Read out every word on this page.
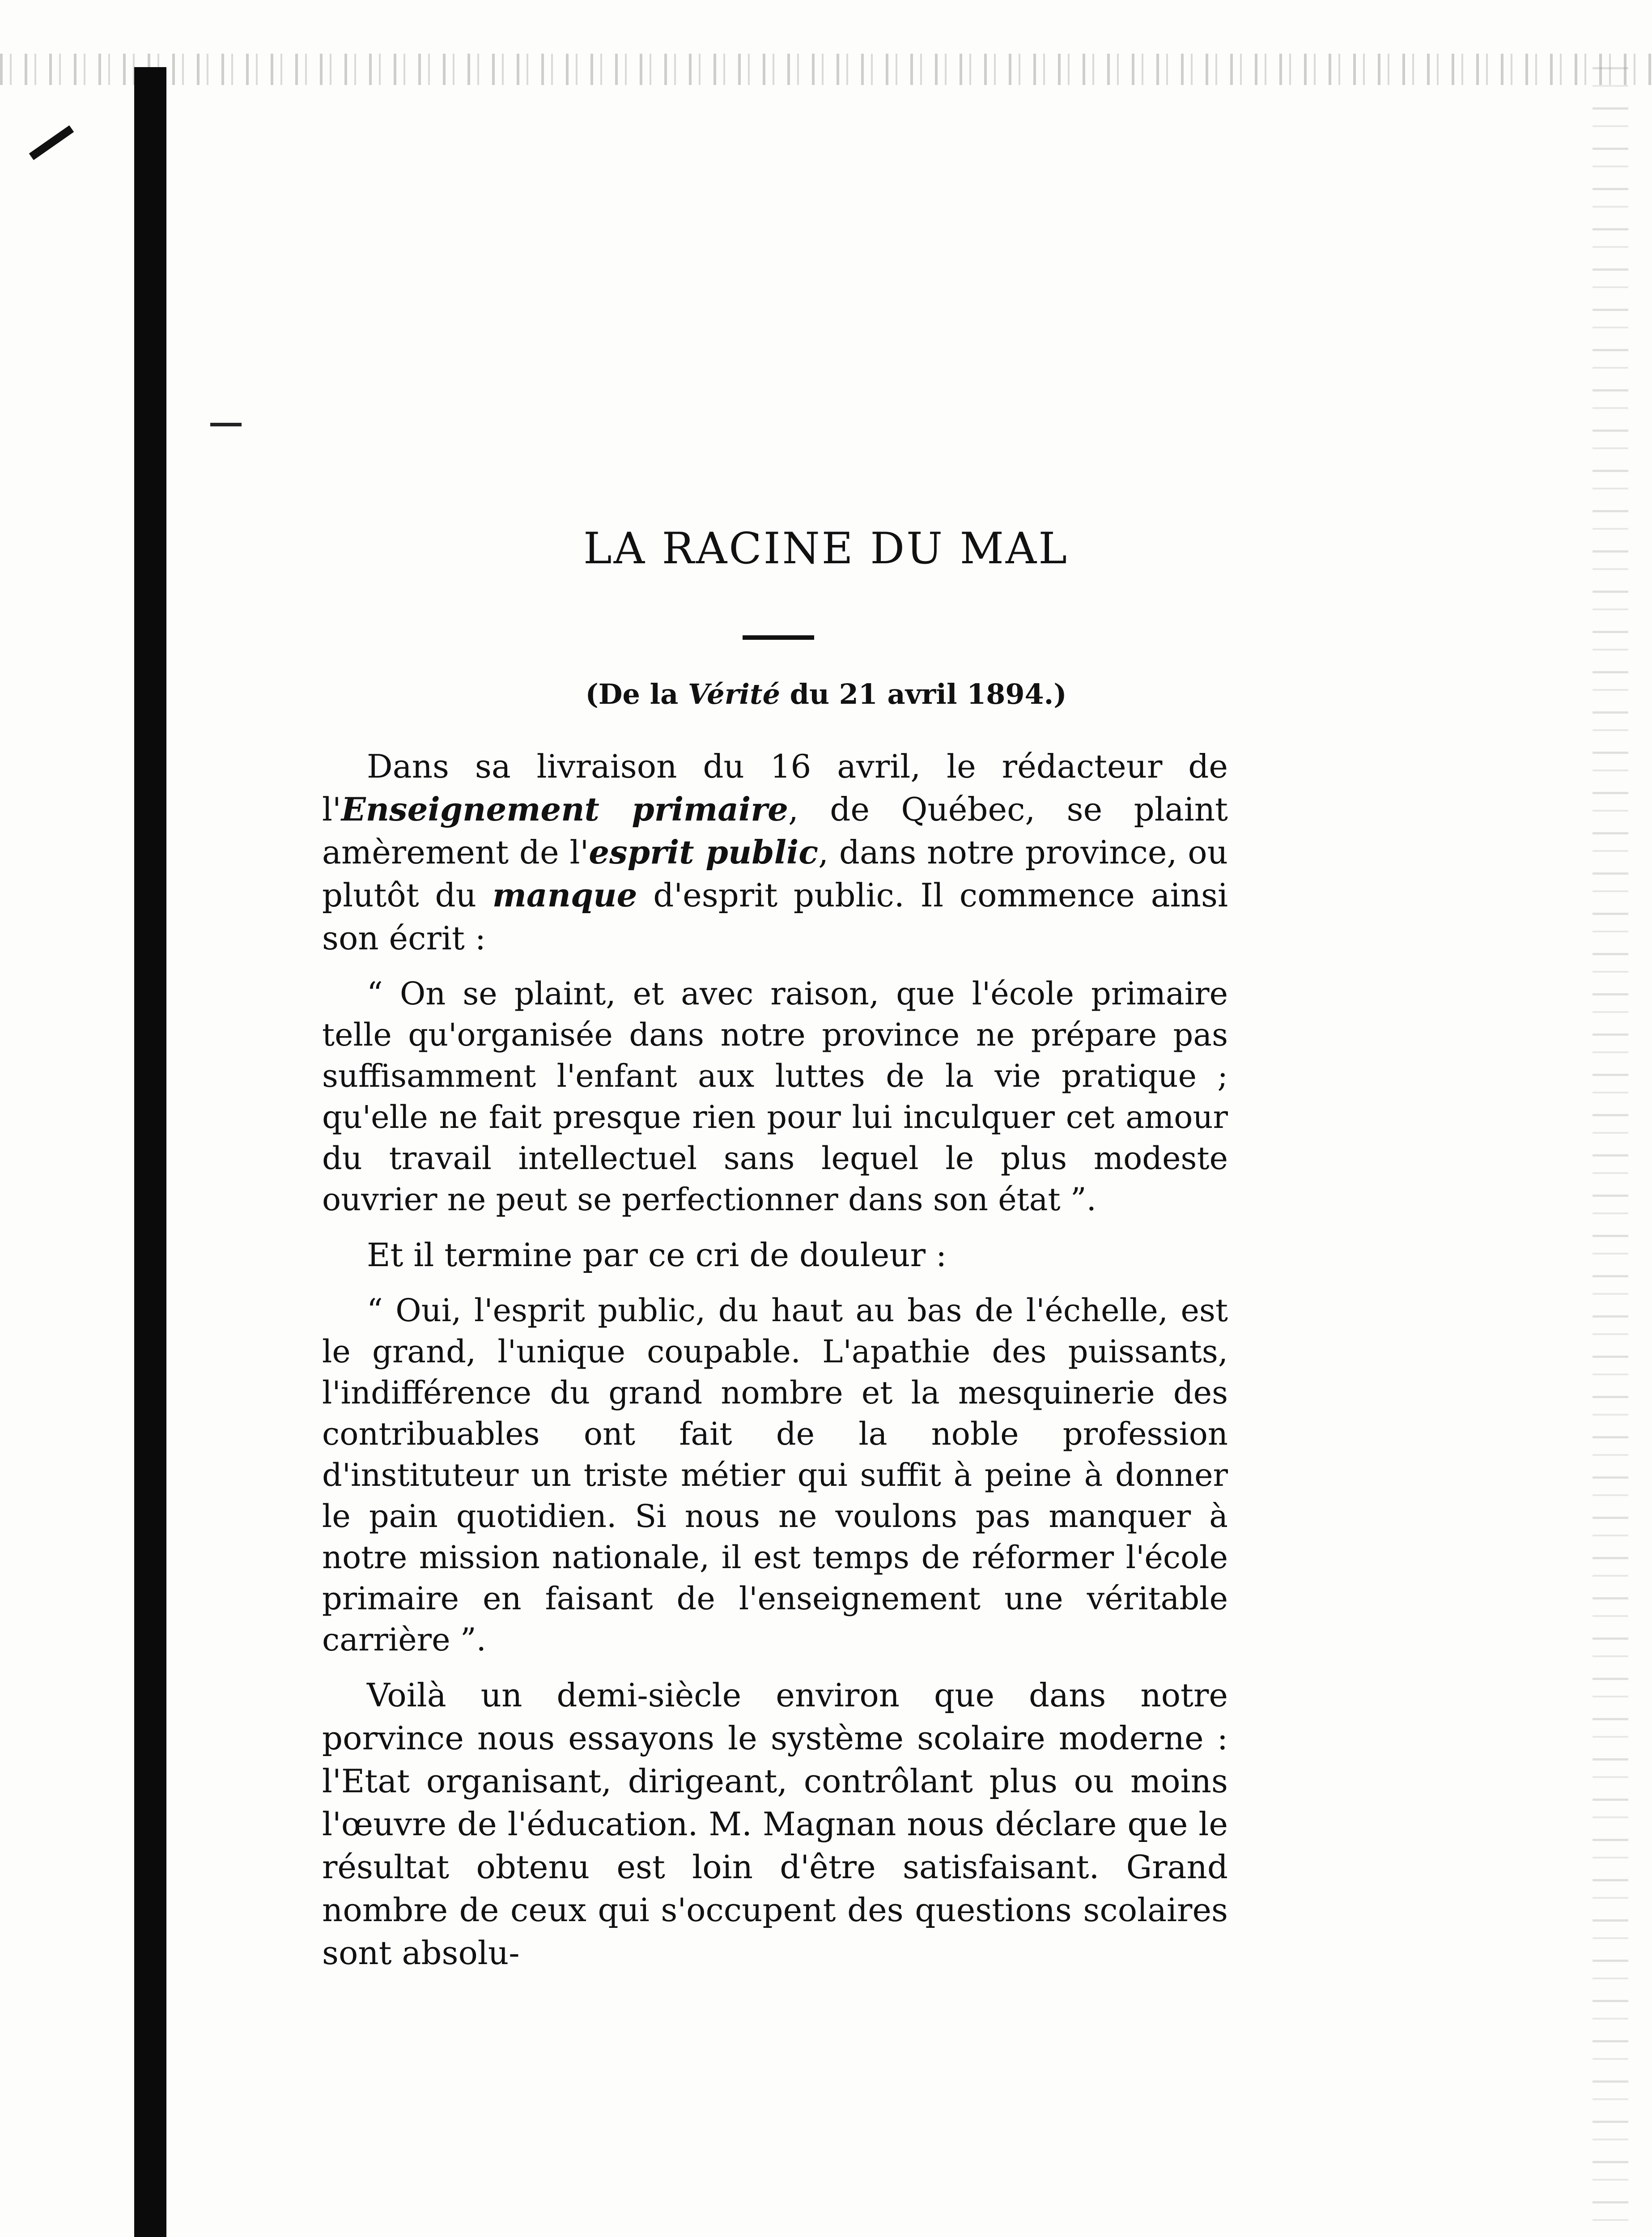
LA RACINE DU MAL
(De la Vérité du 21 avril 1894.)

Dans sa livraison du 16 avril, le rédacteur de l'Enseignement primaire, de Québec, se plaint amèrement de l'esprit public, dans notre province, ou plutôt du manque d'esprit public. Il commence ainsi son écrit :

“ On se plaint, et avec raison, que l'école primaire telle qu'organisée dans notre province ne prépare pas suffisamment l'enfant aux luttes de la vie pratique ; qu'elle ne fait presque rien pour lui inculquer cet amour du travail intellectuel sans lequel le plus modeste ouvrier ne peut se perfectionner dans son état ”.

Et il termine par ce cri de douleur :

“ Oui, l'esprit public, du haut au bas de l'échelle, est le grand, l'unique coupable. L'apathie des puissants, l'indifférence du grand nombre et la mesquinerie des contribuables ont fait de la noble profession d'instituteur un triste métier qui suffit à peine à donner le pain quotidien. Si nous ne voulons pas manquer à notre mission nationale, il est temps de réformer l'école primaire en faisant de l'enseignement une véritable carrière ”.

Voilà un demi-siècle environ que dans notre porvince nous essayons le système scolaire moderne : l'Etat organisant, dirigeant, contrôlant plus ou moins l'œuvre de l'éducation. M. Magnan nous déclare que le résultat obtenu est loin d'être satisfaisant. Grand nombre de ceux qui s'occupent des questions scolaires sont absolu-
